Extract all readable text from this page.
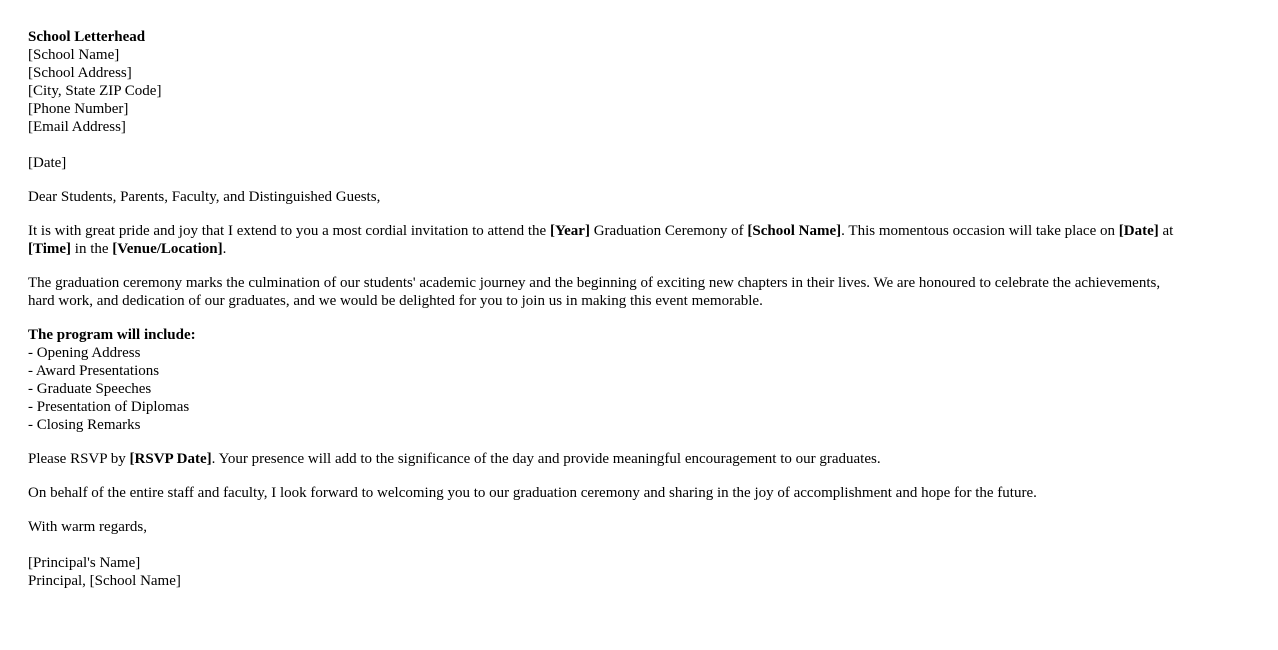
School Letterhead
[School Name]
[School Address]
[City, State ZIP Code]
[Phone Number]
[Email Address]
[Date]
Dear Students, Parents, Faculty, and Distinguished Guests,
It is with great pride and joy that I extend to you a most cordial invitation to attend the [Year] Graduation Ceremony of [School Name]. This momentous occasion will take place on [Date] at
[Time] in the [Venue/Location].
The graduation ceremony marks the culmination of our students' academic journey and the beginning of exciting new chapters in their lives. We are honoured to celebrate the achievements,
hard work, and dedication of our graduates, and we would be delighted for you to join us in making this event memorable.
The program will include:
- Opening Address
- Award Presentations
- Graduate Speeches
- Presentation of Diplomas
- Closing Remarks
Please RSVP by [RSVP Date]. Your presence will add to the significance of the day and provide meaningful encouragement to our graduates.
On behalf of the entire staff and faculty, I look forward to welcoming you to our graduation ceremony and sharing in the joy of accomplishment and hope for the future.
With warm regards,
[Principal's Name]
Principal, [School Name]
